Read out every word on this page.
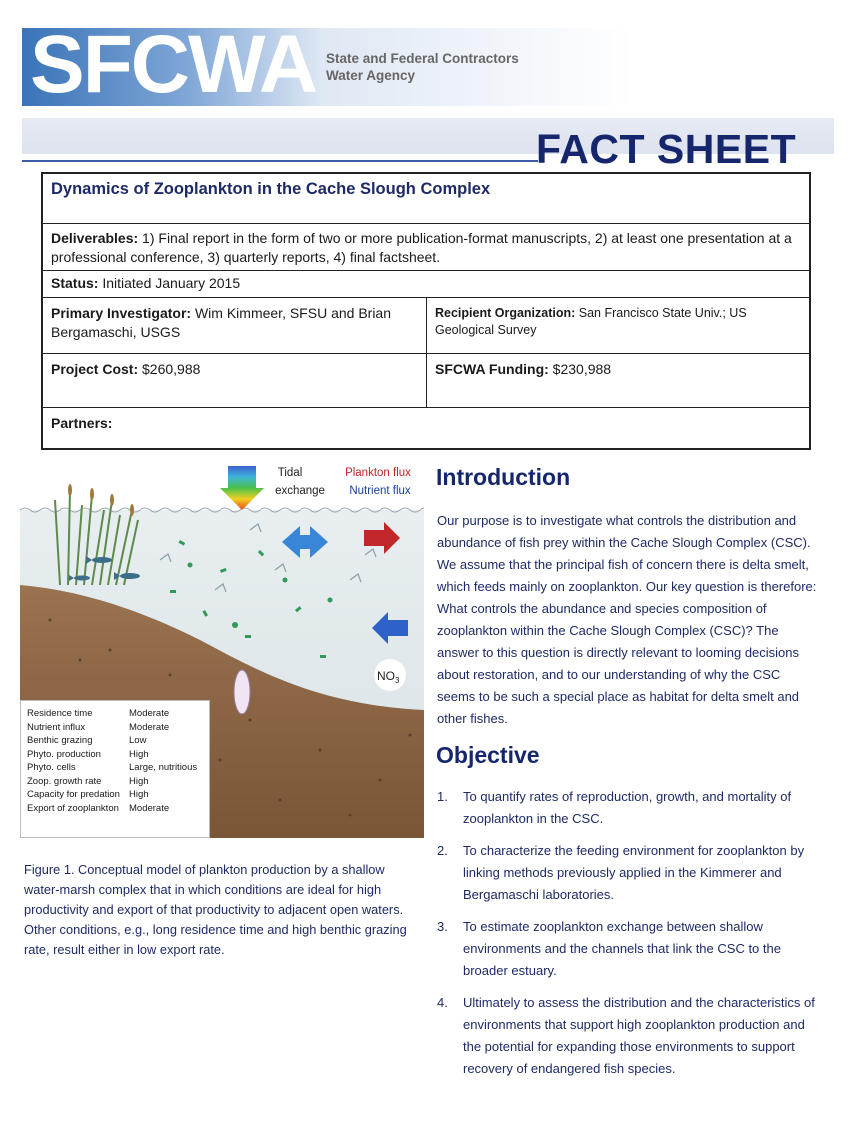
SFCWA State and Federal Contractors
Water Agency
FACT SHEET
Dynamics of Zooplankton in the Cache Slough Complex
Deliverables: 1) Final report in the form of two or more publication-format manuscripts, 2) at least one presentation at a professional conference, 3) quarterly reports, 4) final factsheet.
Status: Initiated January 2015
Primary Investigator: Wim Kimmeer, SFSU and Brian Bergamaschi, USGS
Recipient Organization: San Francisco State Univ.; US Geological Survey
Project Cost: $260,988	SFCWA Funding: $230,988
Partners:
$NO_3$
Tidal
exchange
Plankton flux
Nutrient flux
Residence time	Moderate
Nutrient influx	Moderate
Benthic grazing	Low
Phyto. production	High
Phyto. cells	Large, nutritious
Zoop. growth rate	High
Capacity for predation High
Export of zooplankton	Moderate
Figure 1. Conceptual model of plankton production by a shallow water-marsh complex that in which conditions are ideal for high productivity and export of that productivity to adjacent open waters. Other conditions, e.g., long residence time and high benthic grazing rate, result either in low export rate.
Introduction
Our purpose is to investigate what controls the distribution and abundance of fish prey within the Cache Slough Complex (CSC). We assume that the principal fish of concern there is delta smelt, which feeds mainly on zooplankton. Our key question is therefore: What controls the abundance and species composition of zooplankton within the Cache Slough Complex (CSC)? The answer to this question is directly relevant to looming decisions about restoration, and to our understanding of why the CSC seems to be such a special place as habitat for delta smelt and other fishes.
Objective
1. To quantify rates of reproduction, growth, and mortality of zooplankton in the CSC.
2. To characterize the feeding environment for zooplankton by linking methods previously applied in the Kimmerer and Bergamaschi laboratories.
3. To estimate zooplankton exchange between shallow environments and the channels that link the CSC to the broader estuary.
4. Ultimately to assess the distribution and the characteristics of environments that support high zooplankton production and the potential for expanding those environments to support recovery of endangered fish species.
